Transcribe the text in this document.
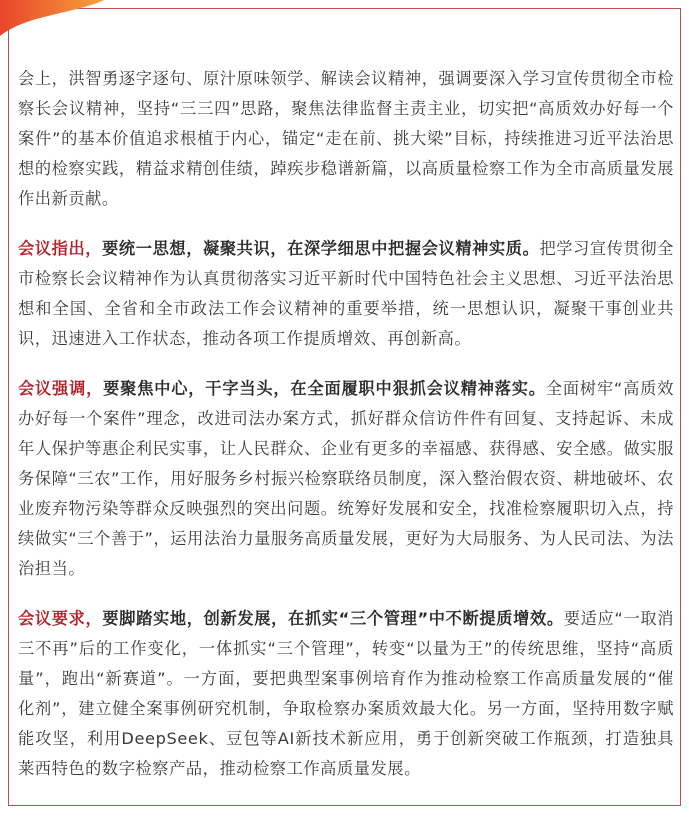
会上，洪智勇逐字逐句、原汁原味领学、解读会议精神，强调要深入学习宣传贯彻全市检察长会议精神，坚持“三三四”思路，聚焦法律监督主责主业，切实把“高质效办好每一个案件”的基本价值追求根植于内心，锚定“走在前、挑大梁”目标，持续推进习近平法治思想的检察实践，精益求精创佳绩，踔疾步稳谱新篇，以高质量检察工作为全市高质量发展作出新贡献。

会议指出，要统一思想，凝聚共识，在深学细思中把握会议精神实质。把学习宣传贯彻全市检察长会议精神作为认真贯彻落实习近平新时代中国特色社会主义思想、习近平法治思想和全国、全省和全市政法工作会议精神的重要举措，统一思想认识，凝聚干事创业共识，迅速进入工作状态，推动各项工作提质增效、再创新高。

会议强调，要聚焦中心，干字当头，在全面履职中狠抓会议精神落实。全面树牢“高质效办好每一个案件”理念，改进司法办案方式，抓好群众信访件件有回复、支持起诉、未成年人保护等惠企利民实事，让人民群众、企业有更多的幸福感、获得感、安全感。做实服务保障“三农”工作，用好服务乡村振兴检察联络员制度，深入整治假农资、耕地破坏、农业废弃物污染等群众反映强烈的突出问题。统筹好发展和安全，找准检察履职切入点，持续做实“三个善于”，运用法治力量服务高质量发展，更好为大局服务、为人民司法、为法治担当。

会议要求，要脚踏实地，创新发展，在抓实“三个管理”中不断提质增效。要适应“一取消三不再”后的工作变化，一体抓实“三个管理”，转变“以量为王”的传统思维，坚持“高质量”，跑出“新赛道”。一方面，要把典型案事例培育作为推动检察工作高质量发展的“催化剂”，建立健全案事例研究机制，争取检察办案质效最大化。另一方面，坚持用数字赋能攻坚，利用DeepSeek、豆包等AI新技术新应用，勇于创新突破工作瓶颈，打造独具莱西特色的数字检察产品，推动检察工作高质量发展。
